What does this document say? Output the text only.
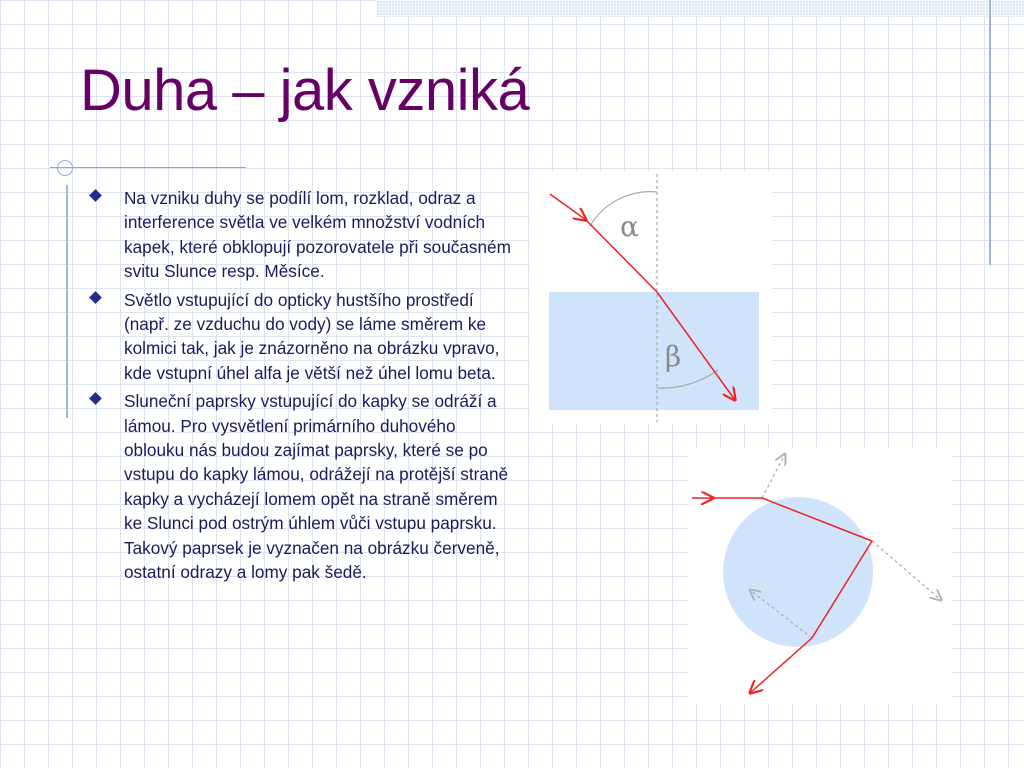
Duha – jak vzniká
Na vzniku duhy se podílí lom, rozklad, odraz a interference světla ve velkém množství vodních kapek, které obklopují pozorovatele při současném svitu Slunce resp. Měsíce.
Světlo vstupující do opticky hustšího prostředí (např. ze vzduchu do vody) se láme směrem ke kolmici tak, jak je znázorněno na obrázku vpravo, kde vstupní úhel alfa je větší než úhel lomu beta.
Sluneční paprsky vstupující do kapky se odráží a lámou. Pro vysvětlení primárního duhového oblouku nás budou zajímat paprsky, které se po vstupu do kapky lámou, odrážejí na protější straně kapky a vycházejí lomem opět na straně směrem ke Slunci pod ostrým úhlem vůči vstupu paprsku. Takový paprsek je vyznačen na obrázku červeně, ostatní odrazy a lomy pak šedě.
α
β
